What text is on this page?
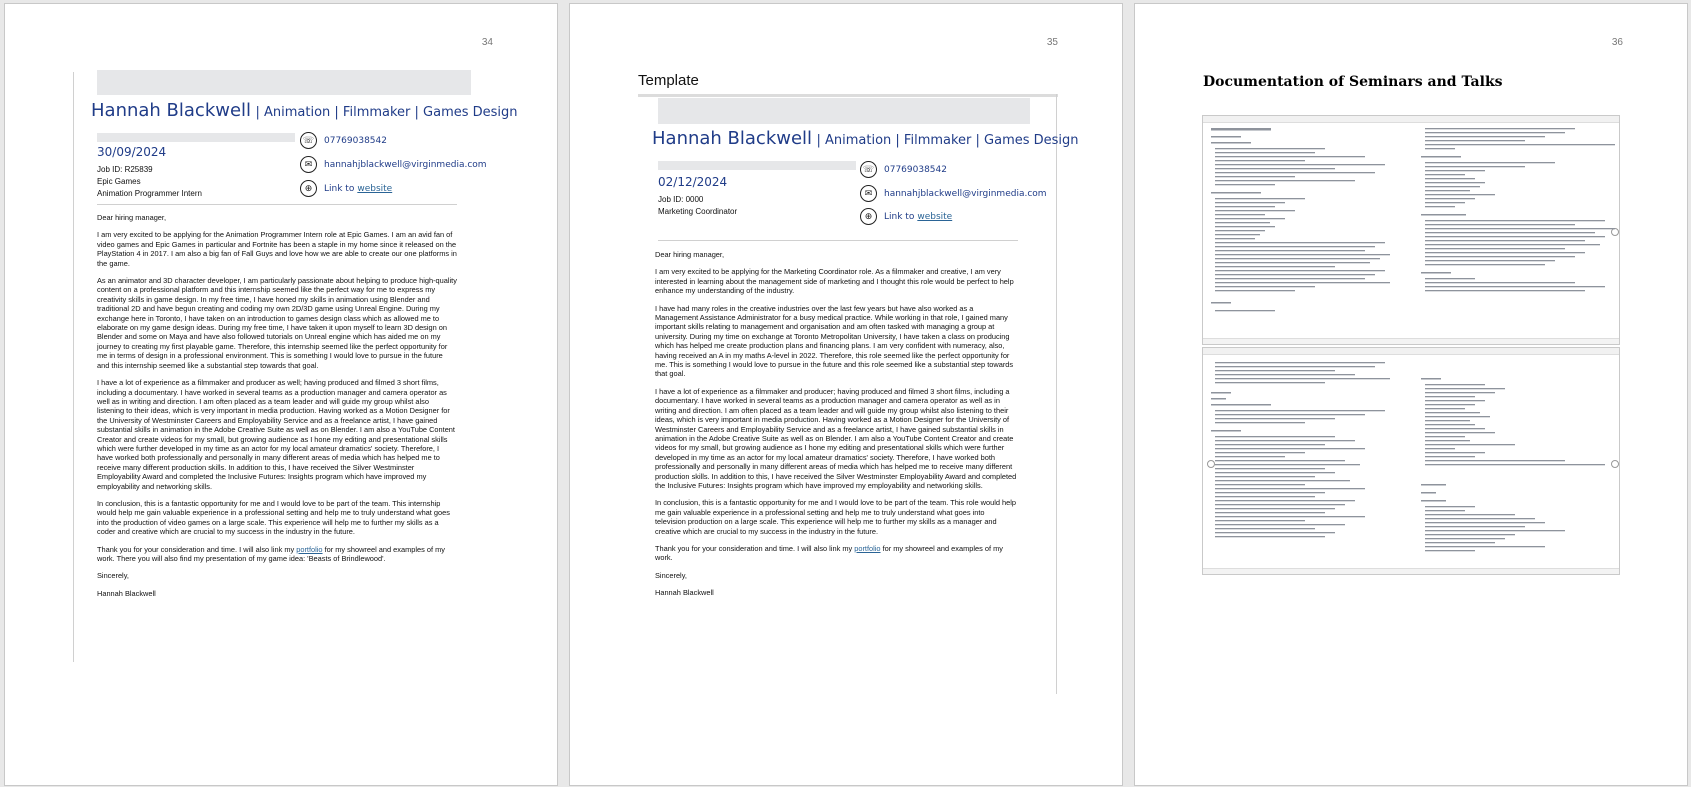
34
Hannah Blackwell | Animation | Filmmaker | Games Design
30/09/2024
Job ID: R25839
Epic Games
Animation Programmer Intern
☏	07769038542
✉	hannahjblackwell@virginmedia.com
⊕	Link to website

Dear hiring manager,

I am very excited to be applying for the Animation Programmer Intern role at Epic Games. I am an avid fan of video games and Epic Games in particular and Fortnite has been a staple in my home since it released on the PlayStation 4 in 2017. I am also a big fan of Fall Guys and love how we are able to create our one platforms in the game.

As an animator and 3D character developer, I am particularly passionate about helping to produce high-quality content on a professional platform and this internship seemed like the perfect way for me to express my creativity skills in game design. In my free time, I have honed my skills in animation using Blender and traditional 2D and have begun creating and coding my own 2D/3D game using Unreal Engine. During my exchange here in Toronto, I have taken on an introduction to games design class which as allowed me to elaborate on my game design ideas. During my free time, I have taken it upon myself to learn 3D design on Blender and some on Maya and have also followed tutorials on Unreal engine which has aided me on my journey to creating my first playable game. Therefore, this internship seemed like the perfect opportunity for me in terms of design in a professional environment. This is something I would love to pursue in the future and this internship seemed like a substantial step towards that goal.

I have a lot of experience as a filmmaker and producer as well; having produced and filmed 3 short films, including a documentary. I have worked in several teams as a production manager and camera operator as well as in writing and direction. I am often placed as a team leader and will guide my group whilst also listening to their ideas, which is very important in media production. Having worked as a Motion Designer for the University of Westminster Careers and Employability Service and as a freelance artist, I have gained substantial skills in animation in the Adobe Creative Suite as well as on Blender. I am also a YouTube Content Creator and create videos for my small, but growing audience as I hone my editing and presentational skills which were further developed in my time as an actor for my local amateur dramatics' society. Therefore, I have worked both professionally and personally in many different areas of media which has helped me to receive many different production skills. In addition to this, I have received the Silver Westminster Employability Award and completed the Inclusive Futures: Insights program which have improved my employability and networking skills.

In conclusion, this is a fantastic opportunity for me and I would love to be part of the team. This internship would help me gain valuable experience in a professional setting and help me to truly understand what goes into the production of video games on a large scale. This experience will help me to further my skills as a coder and creative which are crucial to my success in the industry in the future.

Thank you for your consideration and time. I will also link my portfolio for my showreel and examples of my work. There you will also find my presentation of my game idea: 'Beasts of Brindlewood'.

Sincerely,

Hannah Blackwell

35
Template
Hannah Blackwell | Animation | Filmmaker | Games Design
02/12/2024
Job ID: 0000
Marketing Coordinator
☏	07769038542
✉	hannahjblackwell@virginmedia.com
⊕	Link to website

Dear hiring manager,

I am very excited to be applying for the Marketing Coordinator role. As a filmmaker and creative, I am very interested in learning about the management side of marketing and I thought this role would be perfect to help enhance my understanding of the industry.

I have had many roles in the creative industries over the last few years but have also worked as a Management Assistance Administrator for a busy medical practice. While working in that role, I gained many important skills relating to management and organisation and am often tasked with managing a group at university. During my time on exchange at Toronto Metropolitan University, I have taken a class on producing which has helped me create production plans and financing plans. I am very confident with numeracy, also, having received an A in my maths A-level in 2022. Therefore, this role seemed like the perfect opportunity for me. This is something I would love to pursue in the future and this role seemed like a substantial step towards that goal.

I have a lot of experience as a filmmaker and producer; having produced and filmed 3 short films, including a documentary. I have worked in several teams as a production manager and camera operator as well as in writing and direction. I am often placed as a team leader and will guide my group whilst also listening to their ideas, which is very important in media production. Having worked as a Motion Designer for the University of Westminster Careers and Employability Service and as a freelance artist, I have gained substantial skills in animation in the Adobe Creative Suite as well as on Blender. I am also a YouTube Content Creator and create videos for my small, but growing audience as I hone my editing and presentational skills which were further developed in my time as an actor for my local amateur dramatics' society. Therefore, I have worked both professionally and personally in many different areas of media which has helped me to receive many different production skills. In addition to this, I have received the Silver Westminster Employability Award and completed the Inclusive Futures: Insights program which have improved my employability and networking skills.

In conclusion, this is a fantastic opportunity for me and I would love to be part of the team. This role would help me gain valuable experience in a professional setting and help me to truly understand what goes into television production on a large scale. This experience will help me to further my skills as a manager and creative which are crucial to my success in the industry in the future.

Thank you for your consideration and time. I will also link my portfolio for my showreel and examples of my work.

Sincerely,

Hannah Blackwell

36
Documentation of Seminars and Talks
